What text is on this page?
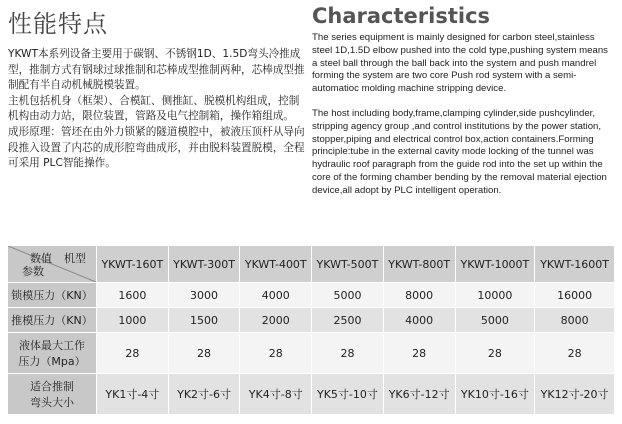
性能特点

YKWT本系列设备主要用于碳钢、不锈钢1D、1.5D弯头冷推成型，推制方式有钢球过球推制和芯棒成型推制两种，芯棒成型推制配有半自动机械脱模装置。

主机包括机身（框架）、合模缸、侧推缸、脱模机构组成，控制机构由动力站，限位装置，管路及电气控制箱，操作箱组成。

成形原理：管坯在由外力锁紧的隧道模腔中，被液压顶杆从导向段推入设置了内芯的成形腔弯曲成形，并由脱料装置脱模，全程可采用 PLC智能操作。

Characteristics

The series equipment is mainly designed for carbon steel,stainless steel 1D,1.5D elbow pushed into the cold type,pushing system means a steel ball through the ball back into the system and push mandrel forming the system are two core Push rod system with a semi-automatioc molding machine stripping device.

The host including body,frame,clamping cylinder,side pushcylinder, stripping agency group ,and control institutions by the power station, stopper,piping and electrical control box,action containers.Forming principle:tube in the external cavity mode locking of the tunnel was hydraulic roof paragraph from the guide rod into the set up within the core of the forming chamber bending by the removal material ejection device,all adopt by PLC intelligent operation.

数值 机型
参数	YKWT-160T	YKWT-300T	YKWT-400T	YKWT-500T	YKWT-800T	YKWT-1000T	YKWT-1600T
锁模压力（KN）	1600	3000	4000	5000	8000	10000	16000
推模压力（KN）	1000	1500	2000	2500	4000	5000	8000
液体最大工作
压力（Mpa）	28	28	28	28	28	28	28
适合推制
弯头大小	YK1寸-4寸	YK2寸-6寸	YK4寸-8寸	YK5寸-10寸	YK6寸-12寸	YK10寸-16寸	YK12寸-20寸
